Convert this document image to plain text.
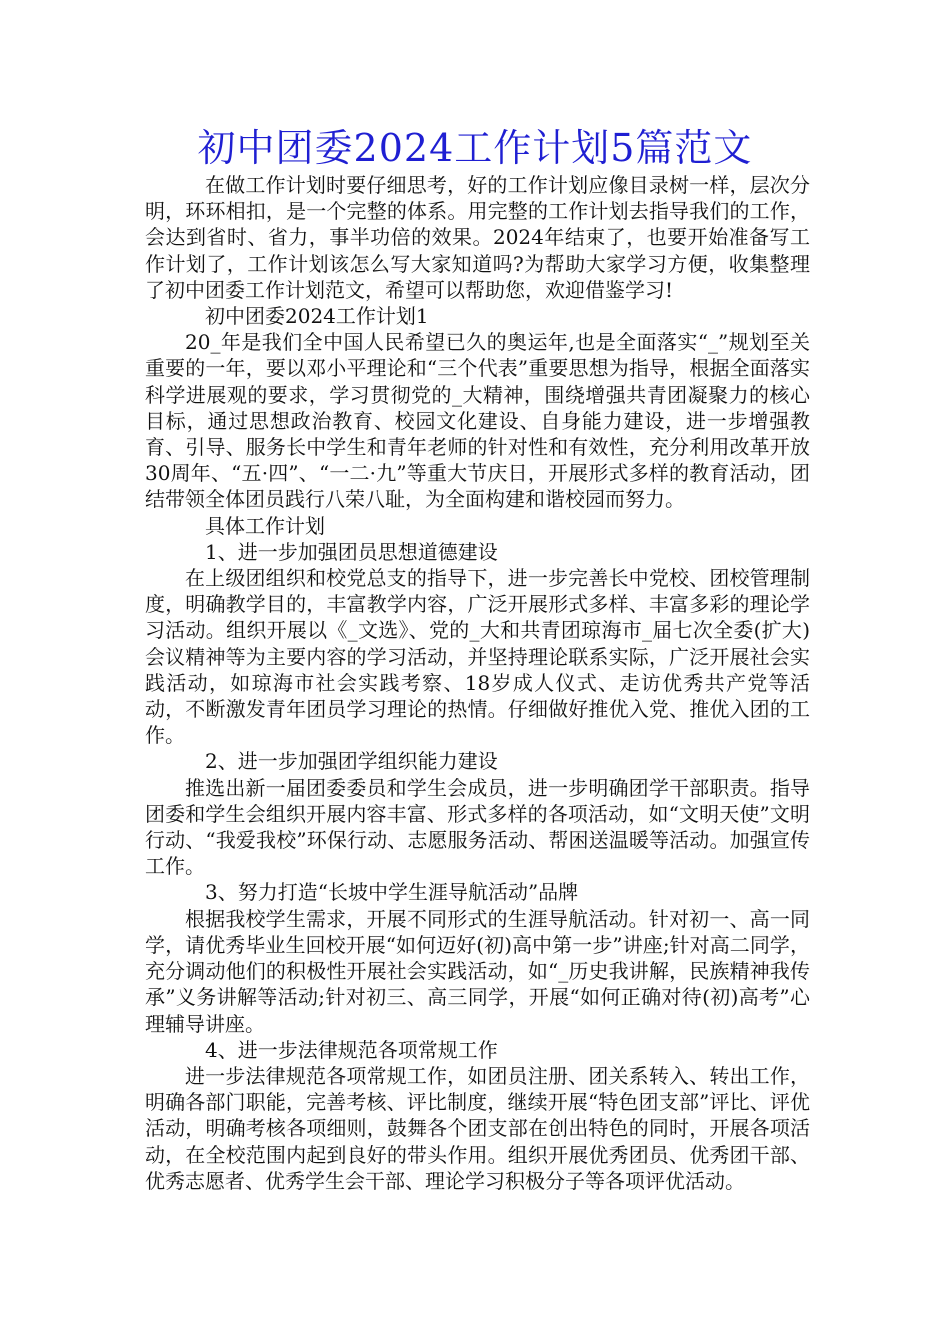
初中团委2024工作计划5篇范文

在做工作计划时要仔细思考，好的工作计划应像目录树一样，层次分明，环环相扣，是一个完整的体系。用完整的工作计划去指导我们的工作，会达到省时、省力，事半功倍的效果。2024年结束了，也要开始准备写工作计划了，工作计划该怎么写大家知道吗?为帮助大家学习方便，收集整理了初中团委工作计划范文，希望可以帮助您，欢迎借鉴学习!

初中团委2024工作计划1

20_年是我们全中国人民希望已久的奥运年,也是全面落实“_”规划至关重要的一年，要以邓小平理论和“三个代表”重要思想为指导，根据全面落实科学进展观的要求，学习贯彻党的_大精神，围绕增强共青团凝聚力的核心目标，通过思想政治教育、校园文化建设、自身能力建设，进一步增强教育、引导、服务长中学生和青年老师的针对性和有效性，充分利用改革开放30周年、“五·四”、“一二·九”等重大节庆日，开展形式多样的教育活动，团结带领全体团员践行八荣八耻，为全面构建和谐校园而努力。

具体工作计划

1、进一步加强团员思想道德建设

在上级团组织和校党总支的指导下，进一步完善长中党校、团校管理制度，明确教学目的，丰富教学内容，广泛开展形式多样、丰富多彩的理论学习活动。组织开展以《_文选》、党的_大和共青团琼海市_届七次全委(扩大)会议精神等为主要内容的学习活动，并坚持理论联系实际，广泛开展社会实践活动，如琼海市社会实践考察、18岁成人仪式、走访优秀共产党等活动，不断激发青年团员学习理论的热情。仔细做好推优入党、推优入团的工作。

2、进一步加强团学组织能力建设

推选出新一届团委委员和学生会成员，进一步明确团学干部职责。指导团委和学生会组织开展内容丰富、形式多样的各项活动，如“文明天使”文明行动、“我爱我校”环保行动、志愿服务活动、帮困送温暖等活动。加强宣传工作。

3、努力打造“长坡中学生涯导航活动”品牌

根据我校学生需求，开展不同形式的生涯导航活动。针对初一、高一同学，请优秀毕业生回校开展“如何迈好(初)高中第一步”讲座;针对高二同学，充分调动他们的积极性开展社会实践活动，如“_历史我讲解，民族精神我传承”义务讲解等活动;针对初三、高三同学，开展“如何正确对待(初)高考”心理辅导讲座。

4、进一步法律规范各项常规工作

进一步法律规范各项常规工作，如团员注册、团关系转入、转出工作，明确各部门职能，完善考核、评比制度，继续开展“特色团支部”评比、评优活动，明确考核各项细则，鼓舞各个团支部在创出特色的同时，开展各项活动，在全校范围内起到良好的带头作用。组织开展优秀团员、优秀团干部、优秀志愿者、优秀学生会干部、理论学习积极分子等各项评优活动。
